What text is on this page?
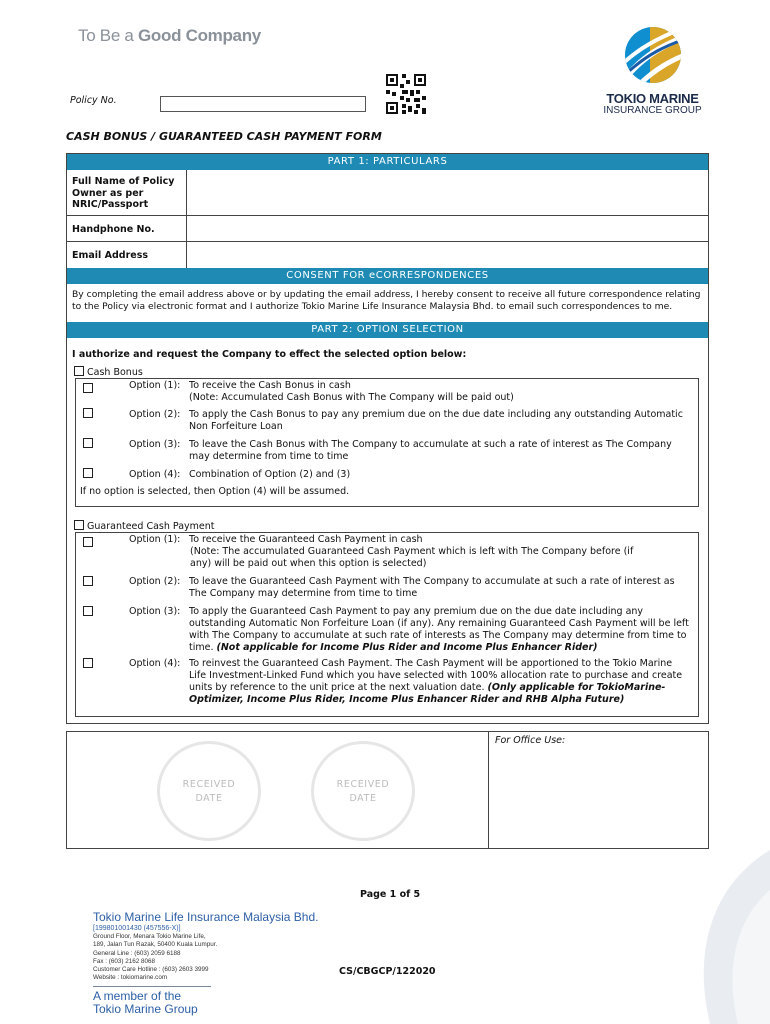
To Be a Good Company
TOKIO MARINE
INSURANCE GROUP
Policy No.
CASH BONUS / GUARANTEED CASH PAYMENT FORM
PART 1: PARTICULARS
Full Name of Policy Owner as per NRIC/Passport
Handphone No.
Email Address
CONSENT FOR eCORRESPONDENCES
By completing the email address above or by updating the email address, I hereby consent to receive all future correspondence relating to the Policy via electronic format and I authorize Tokio Marine Life Insurance Malaysia Bhd. to email such correspondences to me.
PART 2: OPTION SELECTION
I authorize and request the Company to effect the selected option below:
Cash Bonus
Option (1): To receive the Cash Bonus in cash
(Note: Accumulated Cash Bonus with The Company will be paid out)
Option (2): To apply the Cash Bonus to pay any premium due on the due date including any outstanding Automatic Non Forfeiture Loan
Option (3): To leave the Cash Bonus with The Company to accumulate at such a rate of interest as The Company may determine from time to time
Option (4): Combination of Option (2) and (3)
If no option is selected, then Option (4) will be assumed.
Guaranteed Cash Payment
Option (1): To receive the Guaranteed Cash Payment in cash
(Note: The accumulated Guaranteed Cash Payment which is left with The Company before (if any) will be paid out when this option is selected)
Option (2): To leave the Guaranteed Cash Payment with The Company to accumulate at such a rate of interest as The Company may determine from time to time
Option (3): To apply the Guaranteed Cash Payment to pay any premium due on the due date including any outstanding Automatic Non Forfeiture Loan (if any). Any remaining Guaranteed Cash Payment will be left with The Company to accumulate at such rate of interests as The Company may determine from time to time. (Not applicable for Income Plus Rider and Income Plus Enhancer Rider)
Option (4): To reinvest the Guaranteed Cash Payment. The Cash Payment will be apportioned to the Tokio Marine Life Investment-Linked Fund which you have selected with 100% allocation rate to purchase and create units by reference to the unit price at the next valuation date. (Only applicable for TokioMarine-Optimizer, Income Plus Rider, Income Plus Enhancer Rider and RHB Alpha Future)
For Office Use:
RECEIVED DATE
RECEIVED DATE
Page 1 of 5
Tokio Marine Life Insurance Malaysia Bhd.
[199801001430 (457556-X)]
Ground Floor, Menara Tokio Marine Life,
189, Jalan Tun Razak, 50400 Kuala Lumpur.
General Line : (603) 2059 6188
Fax : (603) 2162 8068
Customer Care Hotline : (603) 2603 3999
Website : tokiomarine.com
A member of the
Tokio Marine Group
CS/CBGCP/122020
